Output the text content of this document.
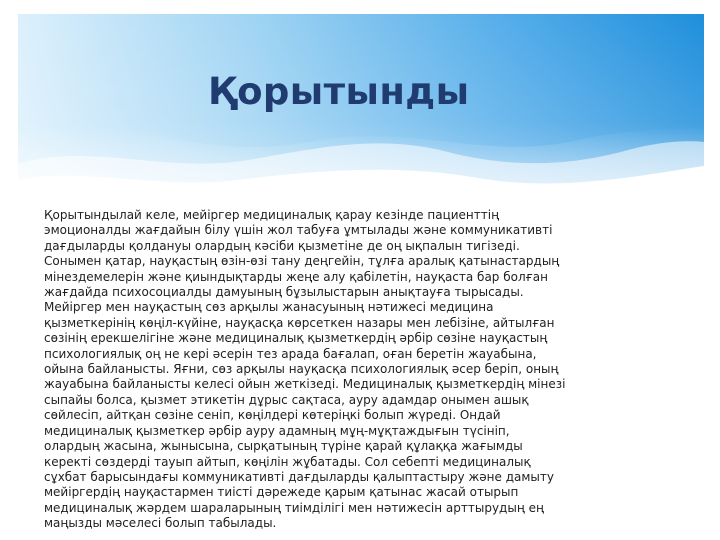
Қорытынды

Қорытындылай келе, мейіргер медициналық қарау кезінде пациенттің
эмоционалды жағдайын білу үшін жол табуға ұмтылады және коммуникативті
дағдыларды қолдануы олардың кәсіби қызметіне де оң ықпалын тигізеді.
Сонымен қатар, науқастың өзін-өзі тану деңгейін, тұлға аралық қатынастардың
мінездемелерін және қиындықтарды жеңе алу қабілетін, науқаста бар болған
жағдайда психосоциалды дамуының бұзылыстарын анықтауға тырысады.
Мейіргер мен науқастың сөз арқылы жанасуының нәтижесі медицина
қызметкерінің көңіл-күйіне, науқасқа көрсеткен назары мен лебізіне, айтылған
сөзінің ерекшелігіне және медициналық қызметкердің әрбір сөзіне науқастың
психологиялық оң не кері әсерін тез арада бағалап, оған беретін жауабына,
ойына байланысты. Яғни, сөз арқылы науқасқа психологиялық әсер беріп, оның
жауабына байланысты келесі ойын жеткізеді. Медициналық қызметкердің мінезі
сыпайы болса, қызмет этикетін дұрыс сақтаса, ауру адамдар онымен ашық
сөйлесіп, айтқан сөзіне сеніп, көңілдері көтеріңкі болып жүреді. Ондай
медициналық қызметкер әрбір ауру адамның мұң-мұқтаждығын түсініп,
олардың жасына, жынысына, сырқатының түріне қарай құлаққа жағымды
керекті сөздерді тауып айтып, көңілін жұбатады. Сол себепті медициналық
сұхбат барысындағы коммуникативті дағдыларды қалыптастыру және дамыту
мейіргердің науқастармен тиісті дәрежеде қарым қатынас жасай отырып
медициналық жәрдем шараларының тиімділігі мен нәтижесін арттырудың ең
маңызды мәселесі болып табылады.
